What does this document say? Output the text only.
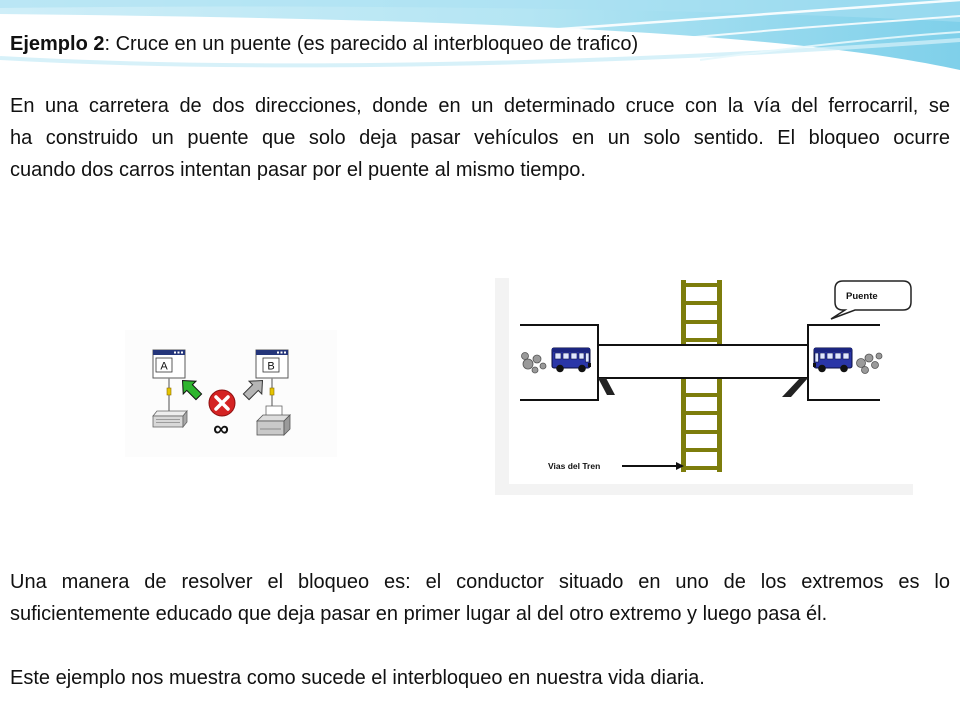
Ejemplo 2: Cruce en un puente (es parecido al interbloqueo de trafico)
En una carretera de dos direcciones, donde en un determinado cruce con la vía del ferrocarril, se
ha construido un puente que solo deja pasar vehículos en un solo sentido. El bloqueo ocurre
cuando dos carros intentan pasar por el puente al mismo tiempo.
A	B
∞
Puente
Vias del Tren
Una manera de resolver el bloqueo es: el conductor situado en uno de los extremos es lo
suficientemente educado que deja pasar en primer lugar al del otro extremo y luego pasa él.
Este ejemplo nos muestra como sucede el interbloqueo en nuestra vida diaria.
